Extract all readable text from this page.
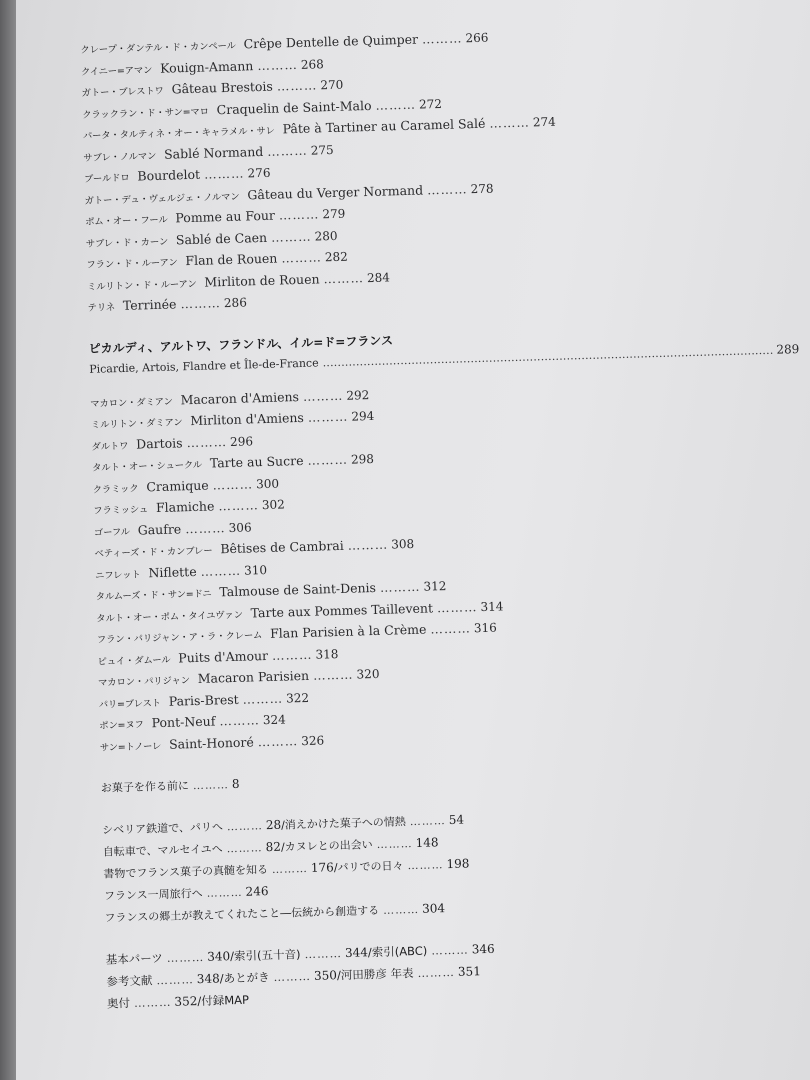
クレープ・ダンテル・ド・カンペール Crêpe Dentelle de Quimper ……… 266
クイニー=アマン Kouign-Amann ……… 268
ガトー・ブレストワ Gâteau Brestois ……… 270
クラックラン・ド・サン=マロ Craquelin de Saint-Malo ……… 272
パータ・タルティネ・オー・キャラメル・サレ Pâte à Tartiner au Caramel Salé ……… 274
サブレ・ノルマン Sablé Normand ……… 275
ブールドロ Bourdelot ……… 276
ガトー・デュ・ヴェルジェ・ノルマン Gâteau du Verger Normand ……… 278
ポム・オー・フール Pomme au Four ……… 279
サブレ・ド・カーン Sablé de Caen ……… 280
フラン・ド・ルーアン Flan de Rouen ……… 282
ミルリトン・ド・ルーアン Mirliton de Rouen ……… 284
テリネ Terrinée ……… 286
ピカルディ、アルトワ、フランドル、イル=ド=フランス
Picardie, Artois, Flandre et Île-de-France .......................................................................................................................... 289
マカロン・ダミアン Macaron d'Amiens ……… 292
ミルリトン・ダミアン Mirliton d'Amiens ……… 294
ダルトワ Dartois ……… 296
タルト・オー・シュークル Tarte au Sucre ……… 298
クラミック Cramique ……… 300
フラミッシュ Flamiche ……… 302
ゴーフル Gaufre ……… 306
ベティーズ・ド・カンブレー Bêtises de Cambrai ……… 308
ニフレット Niflette ……… 310
タルムーズ・ド・サン=ドニ Talmouse de Saint-Denis ……… 312
タルト・オー・ポム・タイユヴァン Tarte aux Pommes Taillevent ……… 314
フラン・パリジャン・ア・ラ・クレーム Flan Parisien à la Crème ……… 316
ピュイ・ダムール Puits d'Amour ……… 318
マカロン・パリジャン Macaron Parisien ……… 320
パリ=ブレスト Paris-Brest ……… 322
ポン=ヌフ Pont-Neuf ……… 324
サン=トノーレ Saint-Honoré ……… 326
お菓子を作る前に ……… 8
シベリア鉄道で、パリへ ……… 28/消えかけた菓子への情熱 ……… 54
自転車で、マルセイユへ ……… 82/カヌレとの出会い ……… 148
書物でフランス菓子の真髄を知る ……… 176/パリでの日々 ……… 198
フランス一周旅行へ ……… 246
フランスの郷土が教えてくれたこと―伝統から創造する ……… 304
基本パーツ ……… 340/索引(五十音) ……… 344/索引(ABC) ……… 346
参考文献 ……… 348/あとがき ……… 350/河田勝彦 年表 ……… 351
奥付 ……… 352/付録MAP
